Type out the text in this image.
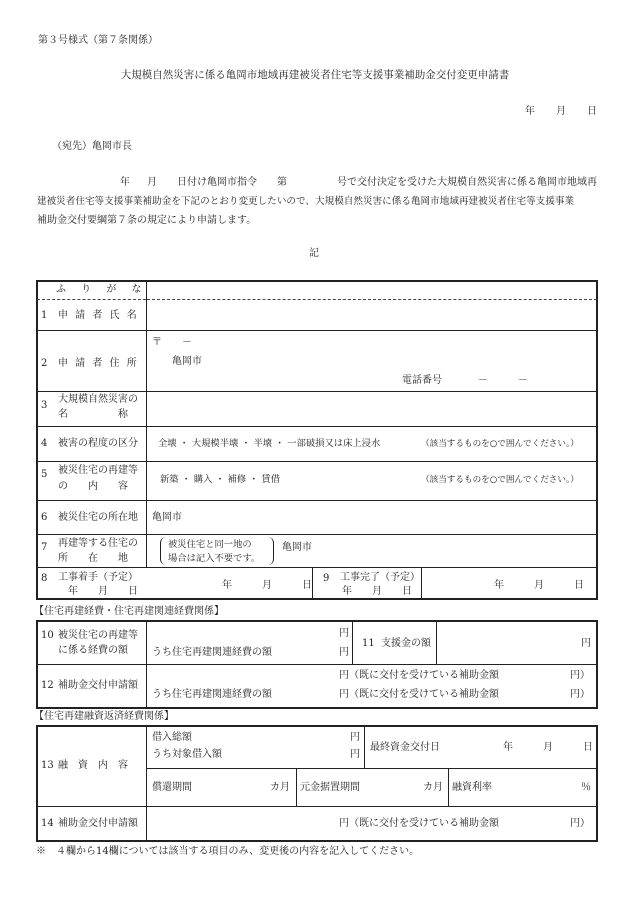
第３号様式（第７条関係）
大規模自然災害に係る亀岡市地域再建被災者住宅等支援事業補助金交付変更申請書
年 月 日
（宛先）亀岡市長
年 月 日付け亀岡市指令 第	号で交付決定を受けた大規模自然災害に係る亀岡市地域再
建被災者住宅等支援事業補助金を下記のとおり変更したいので、大規模自然災害に係る亀岡市地域再建被災者住宅等支援事業
補助金交付要綱第７条の規定により申請します。
記
ふ り が な
1 申 請 者 氏 名
2 申 請 者 住 所
〒　　－
亀岡市
電話番号	－　　　－
3
大規模自然災害の
名　　　　　称
4 被害の程度の区分 全壊 ・ 大規模半壊 ・ 半壊 ・ 一部破損又は床上浸水	（該当するものを○で囲んでください。）
5 被災住宅の再建等
の　　内　　容
新築 ・ 購入 ・ 補修 ・ 賃借	（該当するものを○で囲んでください。）
6 被災住宅の所在地 亀岡市
7 再建等する住宅の
所　　在　　地
被災住宅と同一地の
場合は記入不要です。
亀岡市
8 工事着手（予定）
年　　月　　日
年　　　月　　　日
9 工事完了（予定）
年　　月　　日
年　　　月　　　日
【住宅再建経費・住宅再建関連経費関係】
10 被災住宅の再建等
に係る経費の額
円
うち住宅再建関連経費の額	円
11 支援金の額	円
12 補助金交付申請額
円（既に交付を受けている補助金額	円）
うち住宅再建関連経費の額	円（既に交付を受けている補助金額	円）
【住宅再建融資返済経費関係】
13 融　資　内　容
借入総額	円
うち対象借入額	円
最終資金交付日	年　　　月　　　日
償還期間	カ月 元金据置期間	カ月 融資利率	％
14 補助金交付申請額	円（既に交付を受けている補助金額	円）
※　４欄から14欄については該当する項目のみ、変更後の内容を記入してください。
